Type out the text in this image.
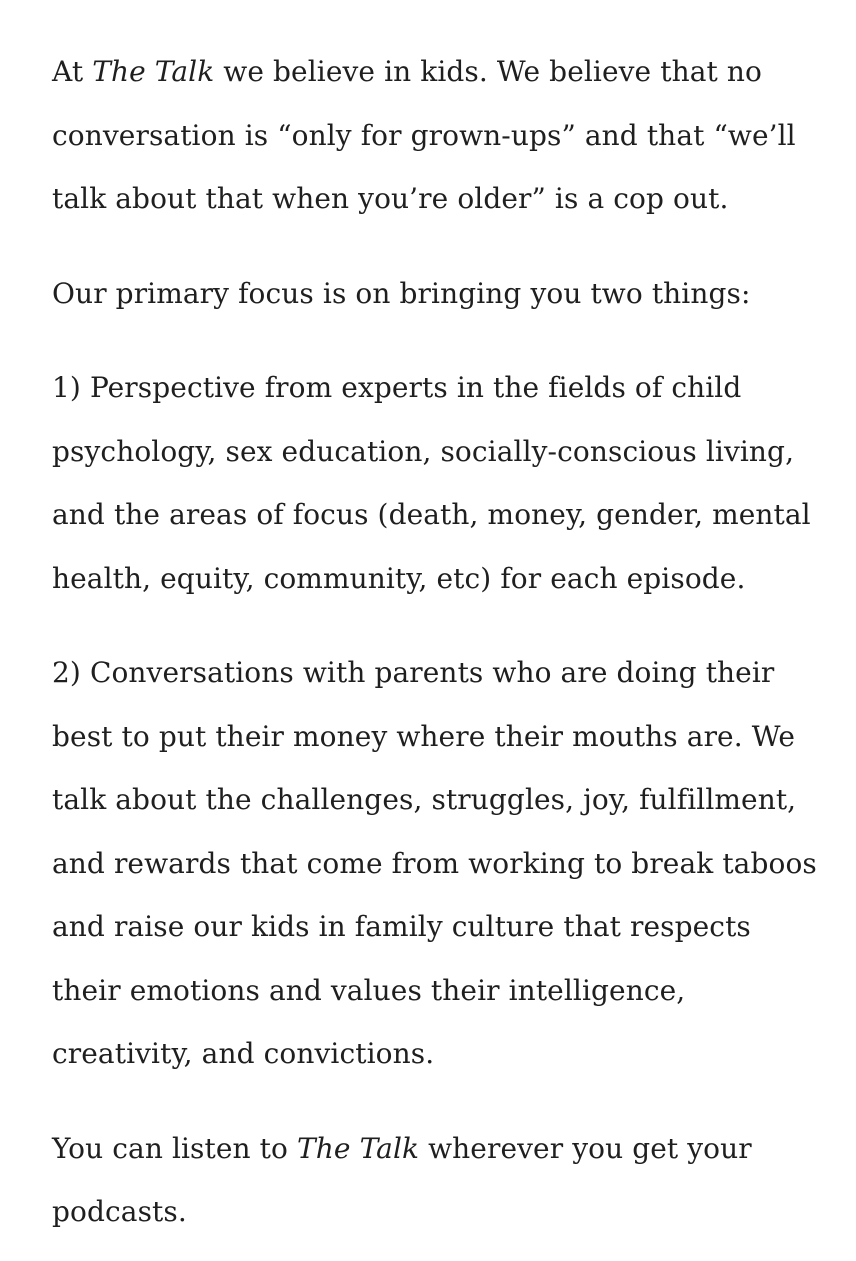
At The Talk we believe in kids. We believe that no conversation is “only for grown-ups” and that “we’ll talk about that when you’re older” is a cop out.

Our primary focus is on bringing you two things:

1) Perspective from experts in the fields of child psychology, sex education, socially-conscious living, and the areas of focus (death, money, gender, mental health, equity, community, etc) for each episode.

2) Conversations with parents who are doing their best to put their money where their mouths are. We talk about the challenges, struggles, joy, fulfillment, and rewards that come from working to break taboos and raise our kids in family culture that respects their emotions and values their intelligence, creativity, and convictions.

You can listen to The Talk wherever you get your podcasts.
